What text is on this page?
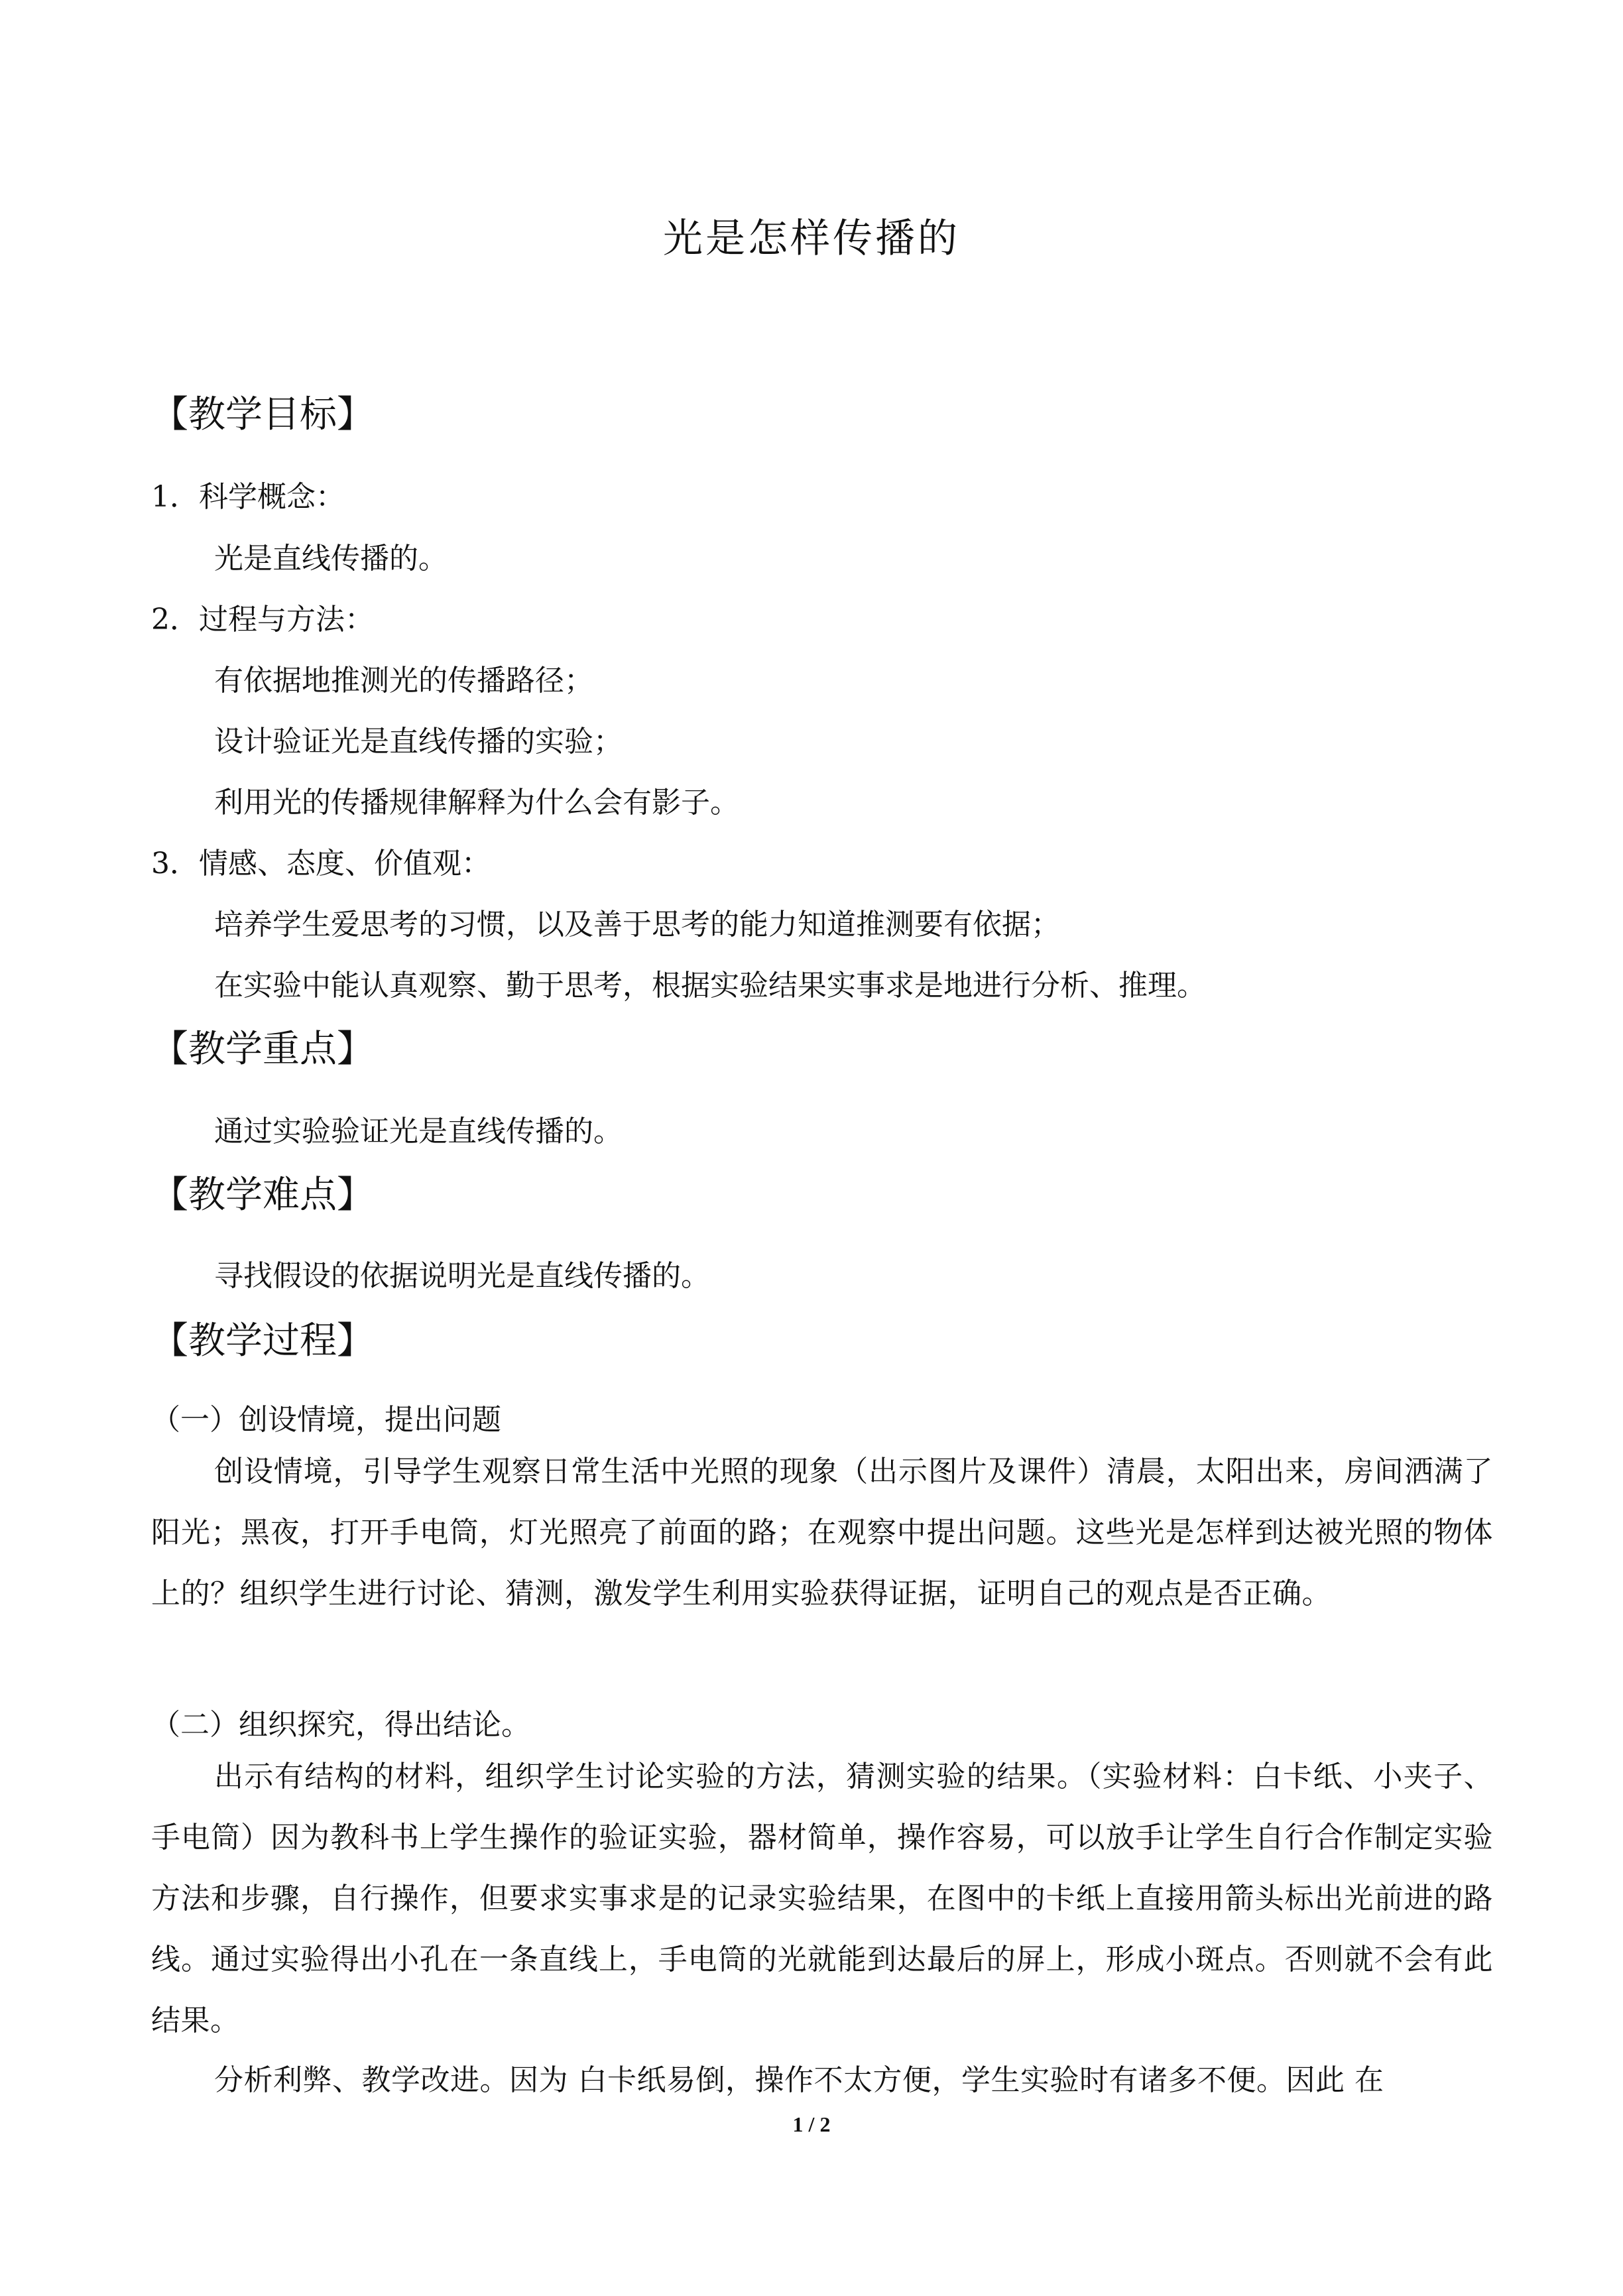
光是怎样传播的
【教学目标】
1．科学概念：
光是直线传播的。
2．过程与方法：
有依据地推测光的传播路径；
设计验证光是直线传播的实验；
利用光的传播规律解释为什么会有影子。
3．情感、态度、价值观：
培养学生爱思考的习惯，以及善于思考的能力知道推测要有依据；
在实验中能认真观察、勤于思考，根据实验结果实事求是地进行分析、推理。
【教学重点】
通过实验验证光是直线传播的。
【教学难点】
寻找假设的依据说明光是直线传播的。
【教学过程】
（一）创设情境，提出问题
创设情境，引导学生观察日常生活中光照的现象（出示图片及课件）清晨，太阳出来，房间洒满了阳光；黑夜，打开手电筒，灯光照亮了前面的路；在观察中提出问题。这些光是怎样到达被光照的物体上的？组织学生进行讨论、猜测，激发学生利用实验获得证据，证明自己的观点是否正确。
（二）组织探究，得出结论。
出示有结构的材料，组织学生讨论实验的方法，猜测实验的结果。（实验材料：白卡纸、小夹子、手电筒）因为教科书上学生操作的验证实验，器材简单，操作容易，可以放手让学生自行合作制定实验方法和步骤，自行操作，但要求实事求是的记录实验结果，在图中的卡纸上直接用箭头标出光前进的路线。通过实验得出小孔在一条直线上，手电筒的光就能到达最后的屏上，形成小斑点。否则就不会有此结果。
分析利弊、教学改进。因为 白卡纸易倒，操作不太方便，学生实验时有诸多不便。因此 在
1 / 2
